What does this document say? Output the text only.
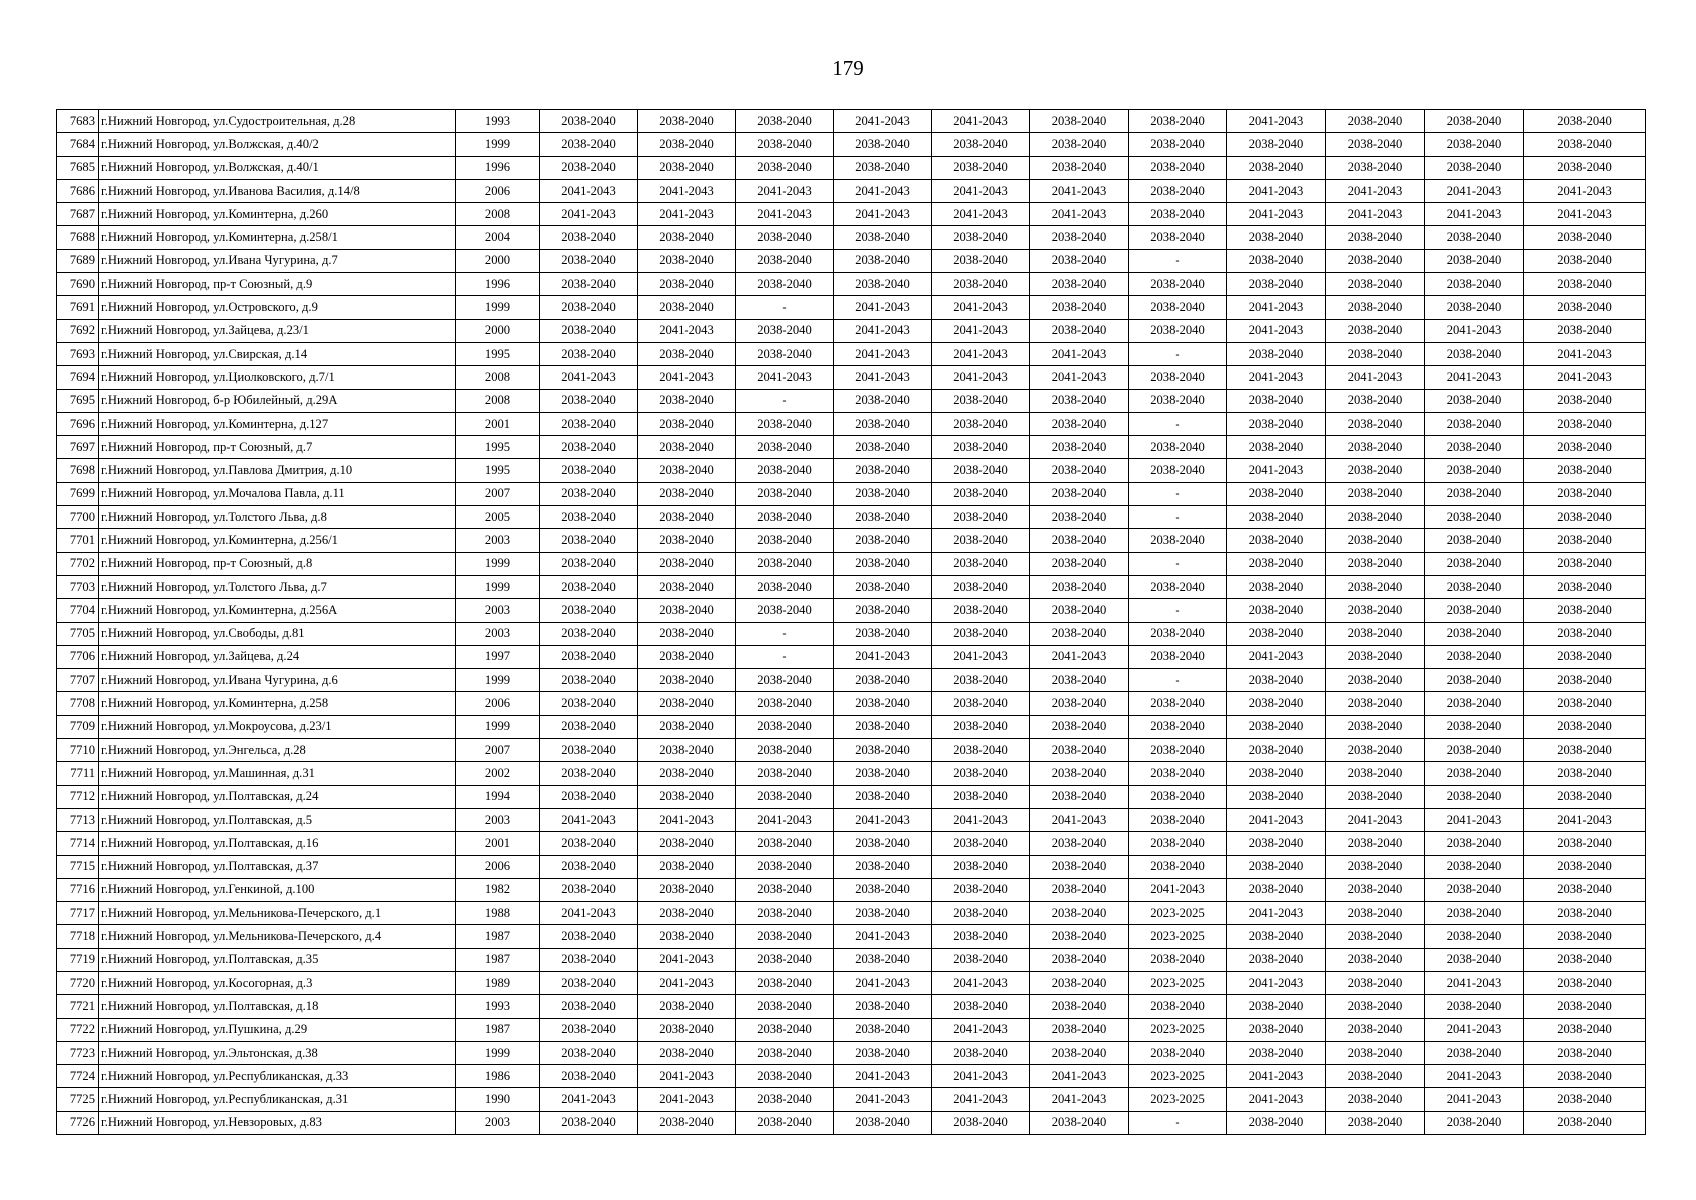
179
7683	г.Нижний Новгород, ул.Судостроительная, д.28	1993	2038-2040	2038-2040	2038-2040	2041-2043	2041-2043	2038-2040	2038-2040	2041-2043	2038-2040	2038-2040	2038-2040
7684	г.Нижний Новгород, ул.Волжская, д.40/2	1999	2038-2040	2038-2040	2038-2040	2038-2040	2038-2040	2038-2040	2038-2040	2038-2040	2038-2040	2038-2040	2038-2040
7685	г.Нижний Новгород, ул.Волжская, д.40/1	1996	2038-2040	2038-2040	2038-2040	2038-2040	2038-2040	2038-2040	2038-2040	2038-2040	2038-2040	2038-2040	2038-2040
7686	г.Нижний Новгород, ул.Иванова Василия, д.14/8	2006	2041-2043	2041-2043	2041-2043	2041-2043	2041-2043	2041-2043	2038-2040	2041-2043	2041-2043	2041-2043	2041-2043
7687	г.Нижний Новгород, ул.Коминтерна, д.260	2008	2041-2043	2041-2043	2041-2043	2041-2043	2041-2043	2041-2043	2038-2040	2041-2043	2041-2043	2041-2043	2041-2043
7688	г.Нижний Новгород, ул.Коминтерна, д.258/1	2004	2038-2040	2038-2040	2038-2040	2038-2040	2038-2040	2038-2040	2038-2040	2038-2040	2038-2040	2038-2040	2038-2040
7689	г.Нижний Новгород, ул.Ивана Чугурина, д.7	2000	2038-2040	2038-2040	2038-2040	2038-2040	2038-2040	2038-2040	-	2038-2040	2038-2040	2038-2040	2038-2040
7690	г.Нижний Новгород, пр-т Союзный, д.9	1996	2038-2040	2038-2040	2038-2040	2038-2040	2038-2040	2038-2040	2038-2040	2038-2040	2038-2040	2038-2040	2038-2040
7691	г.Нижний Новгород, ул.Островского, д.9	1999	2038-2040	2038-2040	-	2041-2043	2041-2043	2038-2040	2038-2040	2041-2043	2038-2040	2038-2040	2038-2040
7692	г.Нижний Новгород, ул.Зайцева, д.23/1	2000	2038-2040	2041-2043	2038-2040	2041-2043	2041-2043	2038-2040	2038-2040	2041-2043	2038-2040	2041-2043	2038-2040
7693	г.Нижний Новгород, ул.Свирская, д.14	1995	2038-2040	2038-2040	2038-2040	2041-2043	2041-2043	2041-2043	-	2038-2040	2038-2040	2038-2040	2041-2043
7694	г.Нижний Новгород, ул.Циолковского, д.7/1	2008	2041-2043	2041-2043	2041-2043	2041-2043	2041-2043	2041-2043	2038-2040	2041-2043	2041-2043	2041-2043	2041-2043
7695	г.Нижний Новгород, б-р Юбилейный, д.29А	2008	2038-2040	2038-2040	-	2038-2040	2038-2040	2038-2040	2038-2040	2038-2040	2038-2040	2038-2040	2038-2040
7696	г.Нижний Новгород, ул.Коминтерна, д.127	2001	2038-2040	2038-2040	2038-2040	2038-2040	2038-2040	2038-2040	-	2038-2040	2038-2040	2038-2040	2038-2040
7697	г.Нижний Новгород, пр-т Союзный, д.7	1995	2038-2040	2038-2040	2038-2040	2038-2040	2038-2040	2038-2040	2038-2040	2038-2040	2038-2040	2038-2040	2038-2040
7698	г.Нижний Новгород, ул.Павлова Дмитрия, д.10	1995	2038-2040	2038-2040	2038-2040	2038-2040	2038-2040	2038-2040	2038-2040	2041-2043	2038-2040	2038-2040	2038-2040
7699	г.Нижний Новгород, ул.Мочалова Павла, д.11	2007	2038-2040	2038-2040	2038-2040	2038-2040	2038-2040	2038-2040	-	2038-2040	2038-2040	2038-2040	2038-2040
7700	г.Нижний Новгород, ул.Толстого Льва, д.8	2005	2038-2040	2038-2040	2038-2040	2038-2040	2038-2040	2038-2040	-	2038-2040	2038-2040	2038-2040	2038-2040
7701	г.Нижний Новгород, ул.Коминтерна, д.256/1	2003	2038-2040	2038-2040	2038-2040	2038-2040	2038-2040	2038-2040	2038-2040	2038-2040	2038-2040	2038-2040	2038-2040
7702	г.Нижний Новгород, пр-т Союзный, д.8	1999	2038-2040	2038-2040	2038-2040	2038-2040	2038-2040	2038-2040	-	2038-2040	2038-2040	2038-2040	2038-2040
7703	г.Нижний Новгород, ул.Толстого Льва, д.7	1999	2038-2040	2038-2040	2038-2040	2038-2040	2038-2040	2038-2040	2038-2040	2038-2040	2038-2040	2038-2040	2038-2040
7704	г.Нижний Новгород, ул.Коминтерна, д.256А	2003	2038-2040	2038-2040	2038-2040	2038-2040	2038-2040	2038-2040	-	2038-2040	2038-2040	2038-2040	2038-2040
7705	г.Нижний Новгород, ул.Свободы, д.81	2003	2038-2040	2038-2040	-	2038-2040	2038-2040	2038-2040	2038-2040	2038-2040	2038-2040	2038-2040	2038-2040
7706	г.Нижний Новгород, ул.Зайцева, д.24	1997	2038-2040	2038-2040	-	2041-2043	2041-2043	2041-2043	2038-2040	2041-2043	2038-2040	2038-2040	2038-2040
7707	г.Нижний Новгород, ул.Ивана Чугурина, д.6	1999	2038-2040	2038-2040	2038-2040	2038-2040	2038-2040	2038-2040	-	2038-2040	2038-2040	2038-2040	2038-2040
7708	г.Нижний Новгород, ул.Коминтерна, д.258	2006	2038-2040	2038-2040	2038-2040	2038-2040	2038-2040	2038-2040	2038-2040	2038-2040	2038-2040	2038-2040	2038-2040
7709	г.Нижний Новгород, ул.Мокроусова, д.23/1	1999	2038-2040	2038-2040	2038-2040	2038-2040	2038-2040	2038-2040	2038-2040	2038-2040	2038-2040	2038-2040	2038-2040
7710	г.Нижний Новгород, ул.Энгельса, д.28	2007	2038-2040	2038-2040	2038-2040	2038-2040	2038-2040	2038-2040	2038-2040	2038-2040	2038-2040	2038-2040	2038-2040
7711	г.Нижний Новгород, ул.Машинная, д.31	2002	2038-2040	2038-2040	2038-2040	2038-2040	2038-2040	2038-2040	2038-2040	2038-2040	2038-2040	2038-2040	2038-2040
7712	г.Нижний Новгород, ул.Полтавская, д.24	1994	2038-2040	2038-2040	2038-2040	2038-2040	2038-2040	2038-2040	2038-2040	2038-2040	2038-2040	2038-2040	2038-2040
7713	г.Нижний Новгород, ул.Полтавская, д.5	2003	2041-2043	2041-2043	2041-2043	2041-2043	2041-2043	2041-2043	2038-2040	2041-2043	2041-2043	2041-2043	2041-2043
7714	г.Нижний Новгород, ул.Полтавская, д.16	2001	2038-2040	2038-2040	2038-2040	2038-2040	2038-2040	2038-2040	2038-2040	2038-2040	2038-2040	2038-2040	2038-2040
7715	г.Нижний Новгород, ул.Полтавская, д.37	2006	2038-2040	2038-2040	2038-2040	2038-2040	2038-2040	2038-2040	2038-2040	2038-2040	2038-2040	2038-2040	2038-2040
7716	г.Нижний Новгород, ул.Генкиной, д.100	1982	2038-2040	2038-2040	2038-2040	2038-2040	2038-2040	2038-2040	2041-2043	2038-2040	2038-2040	2038-2040	2038-2040
7717	г.Нижний Новгород, ул.Мельникова-Печерского, д.1	1988	2041-2043	2038-2040	2038-2040	2038-2040	2038-2040	2038-2040	2023-2025	2041-2043	2038-2040	2038-2040	2038-2040
7718	г.Нижний Новгород, ул.Мельникова-Печерского, д.4	1987	2038-2040	2038-2040	2038-2040	2041-2043	2038-2040	2038-2040	2023-2025	2038-2040	2038-2040	2038-2040	2038-2040
7719	г.Нижний Новгород, ул.Полтавская, д.35	1987	2038-2040	2041-2043	2038-2040	2038-2040	2038-2040	2038-2040	2038-2040	2038-2040	2038-2040	2038-2040	2038-2040
7720	г.Нижний Новгород, ул.Косогорная, д.3	1989	2038-2040	2041-2043	2038-2040	2041-2043	2041-2043	2038-2040	2023-2025	2041-2043	2038-2040	2041-2043	2038-2040
7721	г.Нижний Новгород, ул.Полтавская, д.18	1993	2038-2040	2038-2040	2038-2040	2038-2040	2038-2040	2038-2040	2038-2040	2038-2040	2038-2040	2038-2040	2038-2040
7722	г.Нижний Новгород, ул.Пушкина, д.29	1987	2038-2040	2038-2040	2038-2040	2038-2040	2041-2043	2038-2040	2023-2025	2038-2040	2038-2040	2041-2043	2038-2040
7723	г.Нижний Новгород, ул.Эльтонская, д.38	1999	2038-2040	2038-2040	2038-2040	2038-2040	2038-2040	2038-2040	2038-2040	2038-2040	2038-2040	2038-2040	2038-2040
7724	г.Нижний Новгород, ул.Республиканская, д.33	1986	2038-2040	2041-2043	2038-2040	2041-2043	2041-2043	2041-2043	2023-2025	2041-2043	2038-2040	2041-2043	2038-2040
7725	г.Нижний Новгород, ул.Республиканская, д.31	1990	2041-2043	2041-2043	2038-2040	2041-2043	2041-2043	2041-2043	2023-2025	2041-2043	2038-2040	2041-2043	2038-2040
7726	г.Нижний Новгород, ул.Невзоровых, д.83	2003	2038-2040	2038-2040	2038-2040	2038-2040	2038-2040	2038-2040	-	2038-2040	2038-2040	2038-2040	2038-2040
